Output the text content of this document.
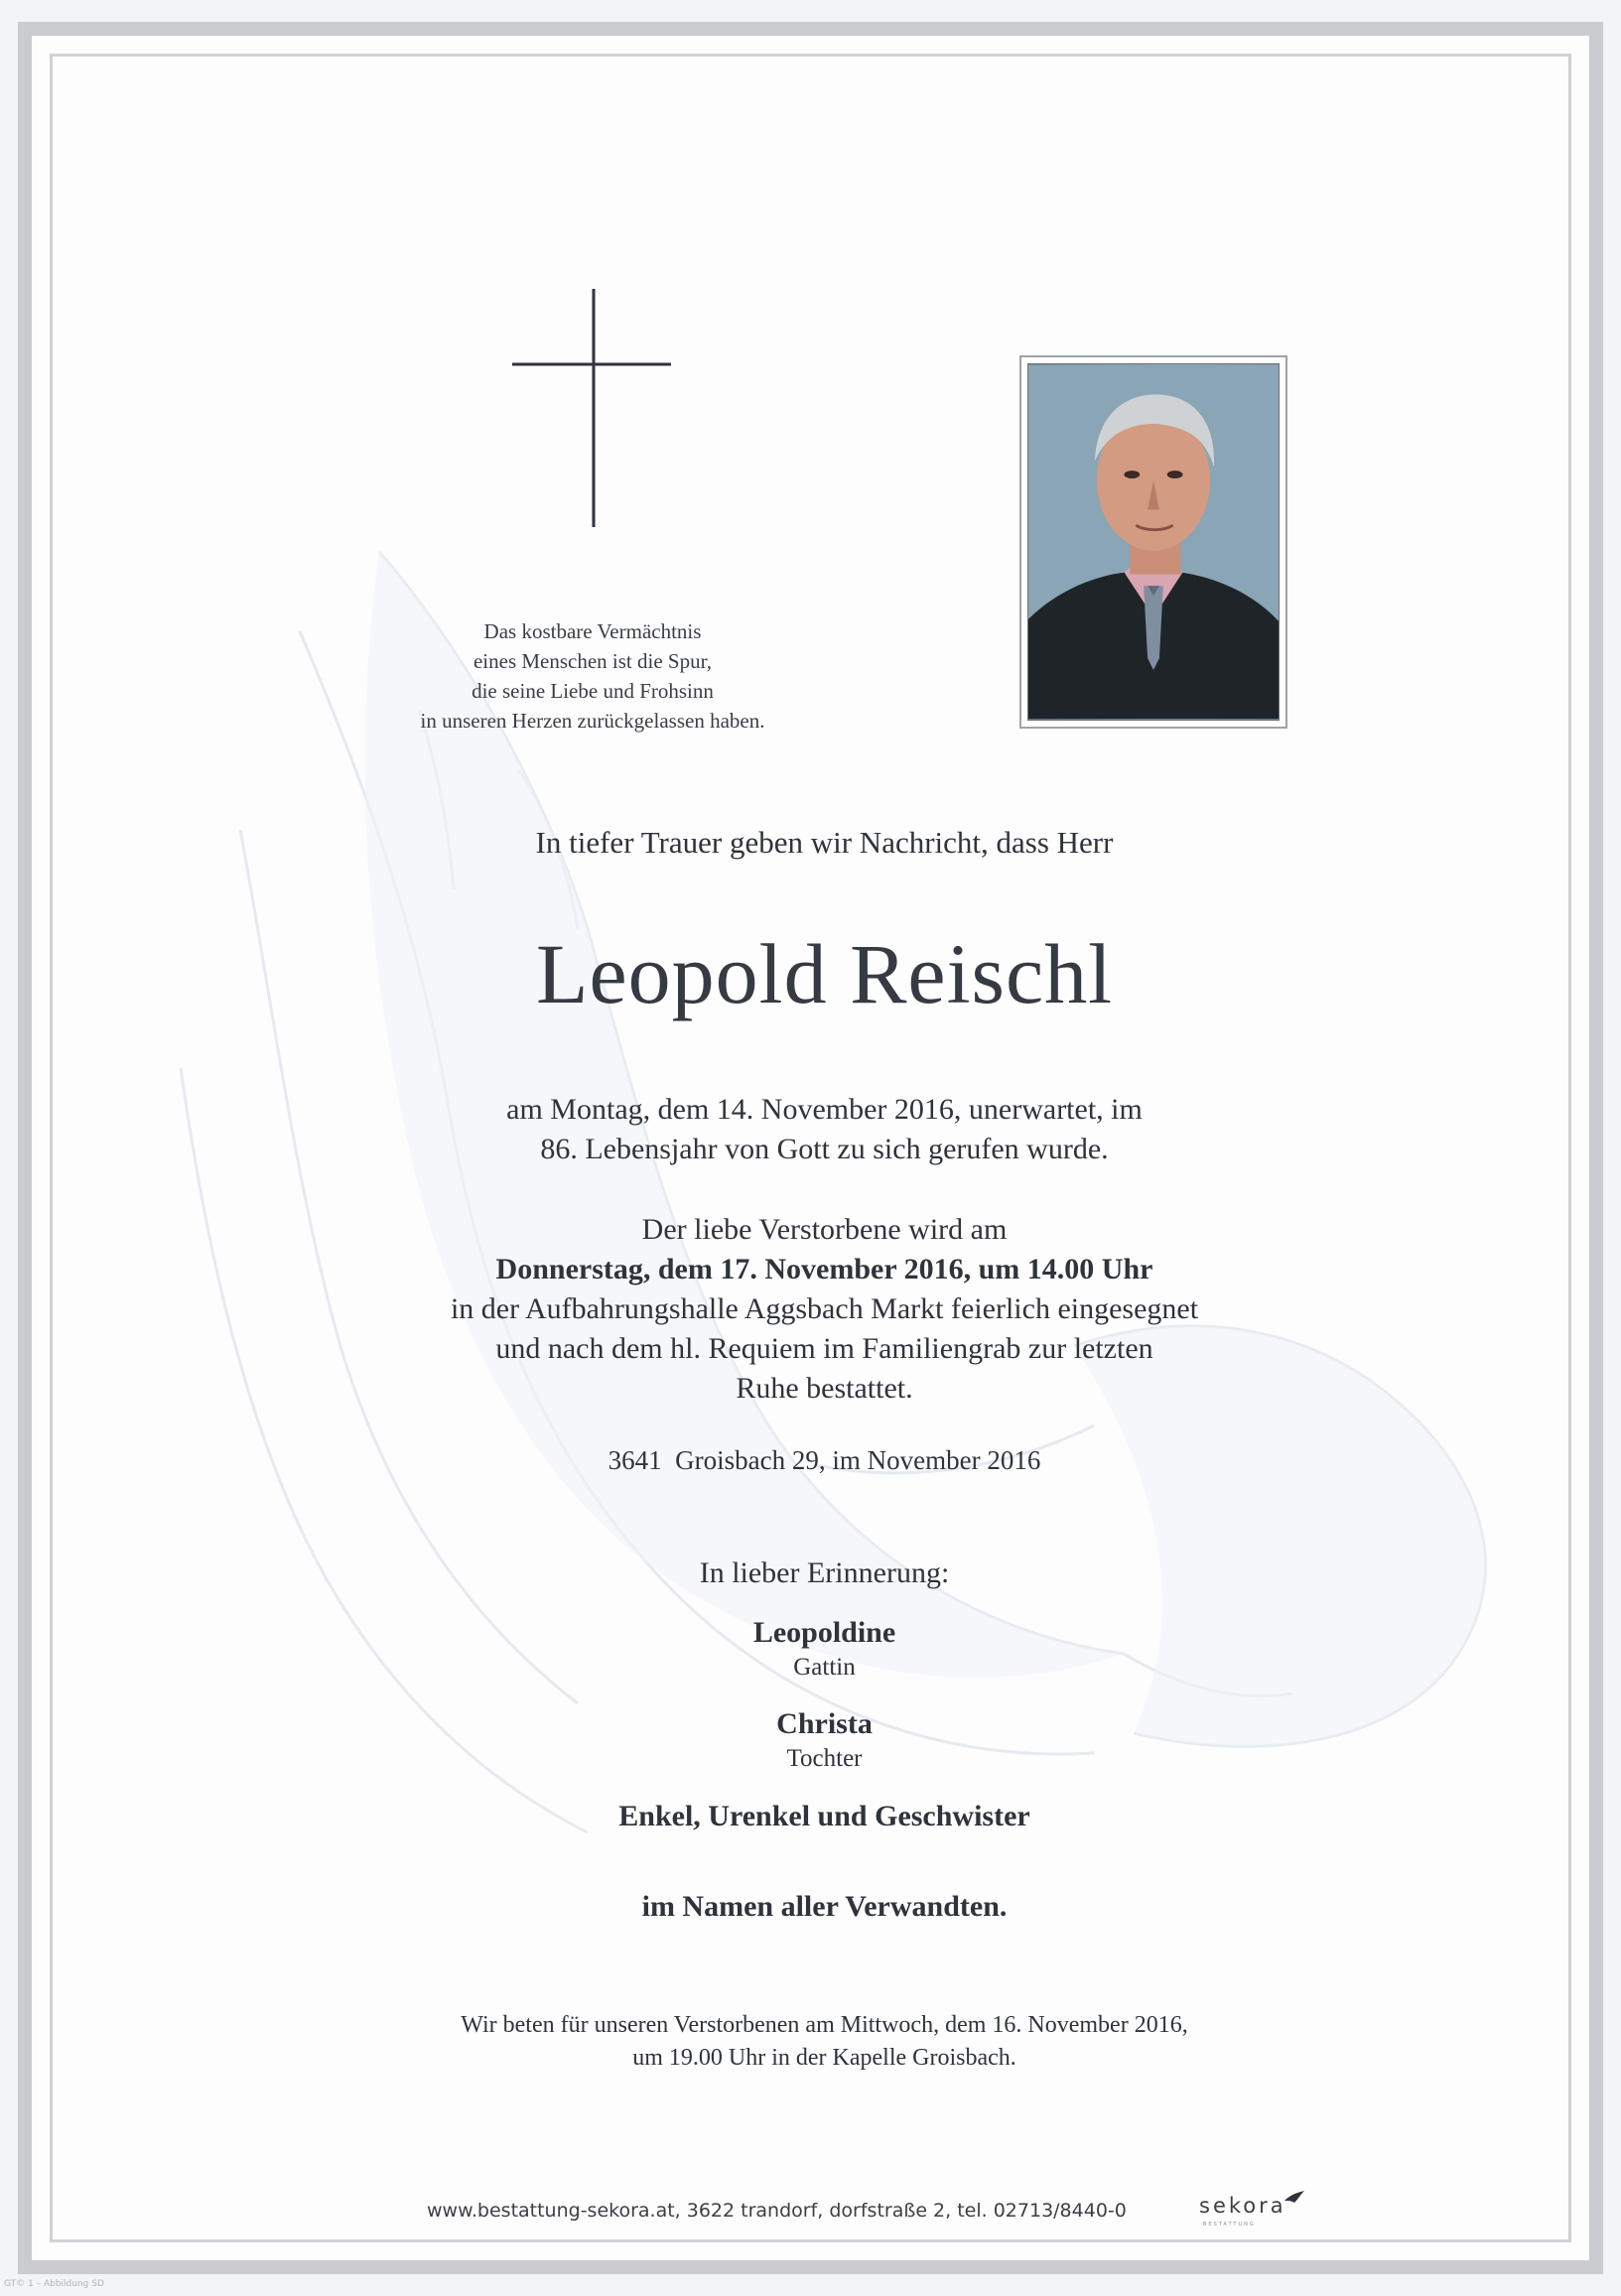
Das kostbare Vermächtnis
eines Menschen ist die Spur,
die seine Liebe und Frohsinn
in unseren Herzen zurückgelassen haben.
In tiefer Trauer geben wir Nachricht, dass Herr
Leopold Reischl
am Montag, dem 14. November 2016, unerwartet, im
86. Lebensjahr von Gott zu sich gerufen wurde.
Der liebe Verstorbene wird am
Donnerstag, dem 17. November 2016, um 14.00 Uhr
in der Aufbahrungshalle Aggsbach Markt feierlich eingesegnet
und nach dem hl. Requiem im Familiengrab zur letzten
Ruhe bestattet.
3641  Groisbach 29, im November 2016
In lieber Erinnerung:
Leopoldine
Gattin
Christa
Tochter
Enkel, Urenkel und Geschwister
im Namen aller Verwandten.
Wir beten für unseren Verstorbenen am Mittwoch, dem 16. November 2016,
um 19.00 Uhr in der Kapelle Groisbach.
www.bestattung-sekora.at, 3622 trandorf, dorfstraße 2, tel. 02713/8440-0	sekora
BESTATTUNG
GT© 1 – Abbildung SD
